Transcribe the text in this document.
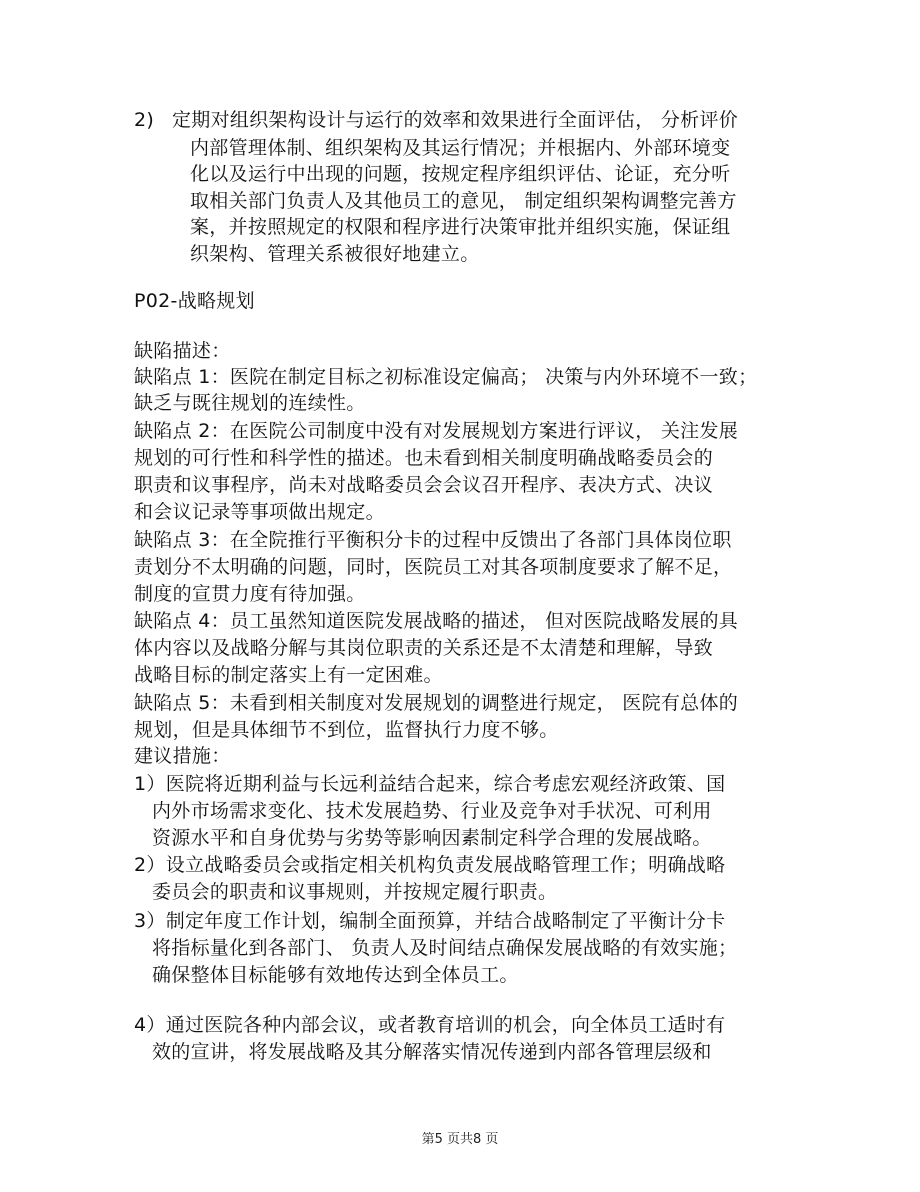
2) 定期对组织架构设计与运行的效率和效果进行全面评估， 分析评价
内部管理体制、组织架构及其运行情况；并根据内、外部环境变
化以及运行中出现的问题，按规定程序组织评估、论证，充分听
取相关部门负责人及其他员工的意见， 制定组织架构调整完善方
案，并按照规定的权限和程序进行决策审批并组织实施，保证组
织架构、管理关系被很好地建立。
P02-战略规划
缺陷描述：
缺陷点 1：医院在制定目标之初标准设定偏高； 决策与内外环境不一致；
缺乏与既往规划的连续性。
缺陷点 2：在医院公司制度中没有对发展规划方案进行评议， 关注发展
规划的可行性和科学性的描述。也未看到相关制度明确战略委员会的
职责和议事程序，尚未对战略委员会会议召开程序、表决方式、决议
和会议记录等事项做出规定。
缺陷点 3：在全院推行平衡积分卡的过程中反馈出了各部门具体岗位职
责划分不太明确的问题，同时，医院员工对其各项制度要求了解不足，
制度的宣贯力度有待加强。
缺陷点 4：员工虽然知道医院发展战略的描述， 但对医院战略发展的具
体内容以及战略分解与其岗位职责的关系还是不太清楚和理解，导致
战略目标的制定落实上有一定困难。
缺陷点 5：未看到相关制度对发展规划的调整进行规定， 医院有总体的
规划，但是具体细节不到位，监督执行力度不够。
建议措施：
1）医院将近期利益与长远利益结合起来，综合考虑宏观经济政策、国
内外市场需求变化、技术发展趋势、行业及竞争对手状况、可利用
资源水平和自身优势与劣势等影响因素制定科学合理的发展战略。
2）设立战略委员会或指定相关机构负责发展战略管理工作；明确战略
委员会的职责和议事规则，并按规定履行职责。
3）制定年度工作计划，编制全面预算，并结合战略制定了平衡计分卡
将指标量化到各部门、 负责人及时间结点确保发展战略的有效实施；
确保整体目标能够有效地传达到全体员工。
4）通过医院各种内部会议，或者教育培训的机会，向全体员工适时有
效的宣讲，将发展战略及其分解落实情况传递到内部各管理层级和
第5 页共8 页
